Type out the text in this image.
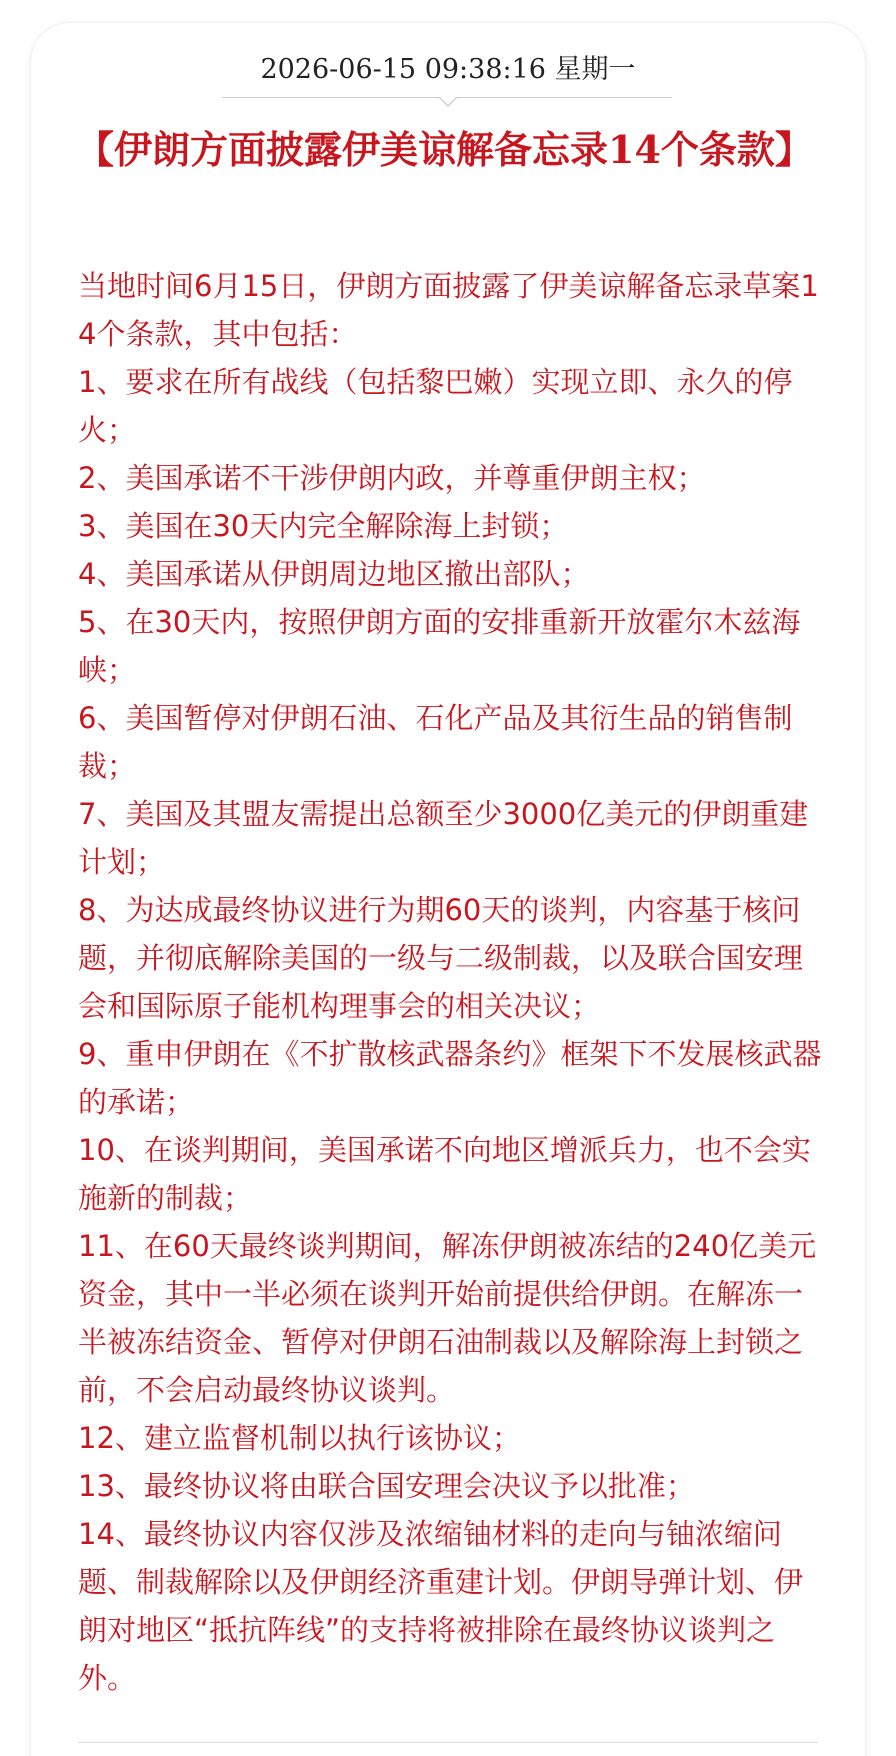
2026-06-15 09:38:16 星期一
【伊朗方面披露伊美谅解备忘录14个条款】

当地时间6月15日，伊朗方面披露了伊美谅解备忘录草案14个条款，其中包括：

1、要求在所有战线（包括黎巴嫩）实现立即、永久的停火；

2、美国承诺不干涉伊朗内政，并尊重伊朗主权；

3、美国在30天内完全解除海上封锁；

4、美国承诺从伊朗周边地区撤出部队；

5、在30天内，按照伊朗方面的安排重新开放霍尔木兹海峡；

6、美国暂停对伊朗石油、石化产品及其衍生品的销售制裁；

7、美国及其盟友需提出总额至少3000亿美元的伊朗重建计划；

8、为达成最终协议进行为期60天的谈判，内容基于核问题，并彻底解除美国的一级与二级制裁，以及联合国安理会和国际原子能机构理事会的相关决议；

9、重申伊朗在《不扩散核武器条约》框架下不发展核武器的承诺；

10、在谈判期间，美国承诺不向地区增派兵力，也不会实施新的制裁；

11、在60天最终谈判期间，解冻伊朗被冻结的240亿美元资金，其中一半必须在谈判开始前提供给伊朗。在解冻一半被冻结资金、暂停对伊朗石油制裁以及解除海上封锁之前，不会启动最终协议谈判。

12、建立监督机制以执行该协议；

13、最终协议将由联合国安理会决议予以批准；

14、最终协议内容仅涉及浓缩铀材料的走向与铀浓缩问题、制裁解除以及伊朗经济重建计划。伊朗导弹计划、伊朗对地区“抵抗阵线”的支持将被排除在最终协议谈判之外。
